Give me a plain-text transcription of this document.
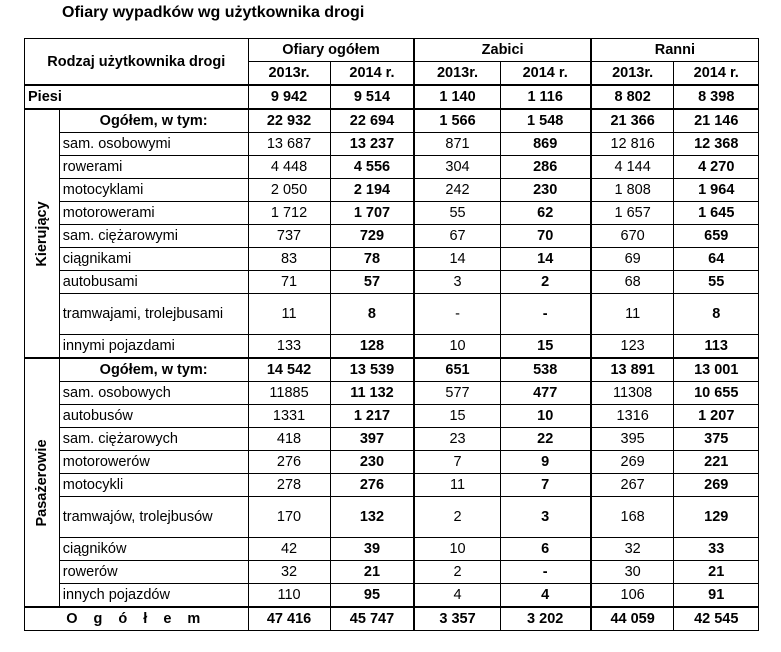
Ofiary wypadków wg użytkownika drogi
Rodzaj użytkownika drogi		Ofiary ogółem		Zabici		Ranni	
		2013r.	2014 r.	2013r.	2014 r.	2013r.	2014 r.
Piesi		9 942	9 514	1 140	1 116	8 802	8 398

Kierujący	Ogółem, w tym:	22 932	22 694	1 566	1 548	21 366	21 146
	sam. osobowymi	13 687	13 237	871	869	12 816	12 368
	rowerami	4 448	4 556	304	286	4 144	4 270
	motocyklami	2 050	2 194	242	230	1 808	1 964
	motorowerami	1 712	1 707	55	62	1 657	1 645
	sam. ciężarowymi	737	729	67	70	670	659
	ciągnikami	83	78	14	14	69	64
	autobusami	71	57	3	2	68	55
	tramwajami, trolejbusami	11	8	-	-	11	8
	innymi pojazdami	133	128	10	15	123	113

Pasażerowie	Ogółem, w tym:	14 542	13 539	651	538	13 891	13 001
	sam. osobowych	11885	11 132	577	477	11308	10 655
	autobusów	1331	1 217	15	10	1316	1 207
	sam. ciężarowych	418	397	23	22	395	375
	motorowerów	276	230	7	9	269	221
	motocykli	278	276	11	7	267	269
	tramwajów, trolejbusów	170	132	2	3	168	129
	ciągników	42	39	10	6	32	33
	rowerów	32	21	2	-	30	21
	innych pojazdów	110	95	4	4	106	91
O g ó ł e m		47 416	45 747	3 357	3 202	44 059	42 545
